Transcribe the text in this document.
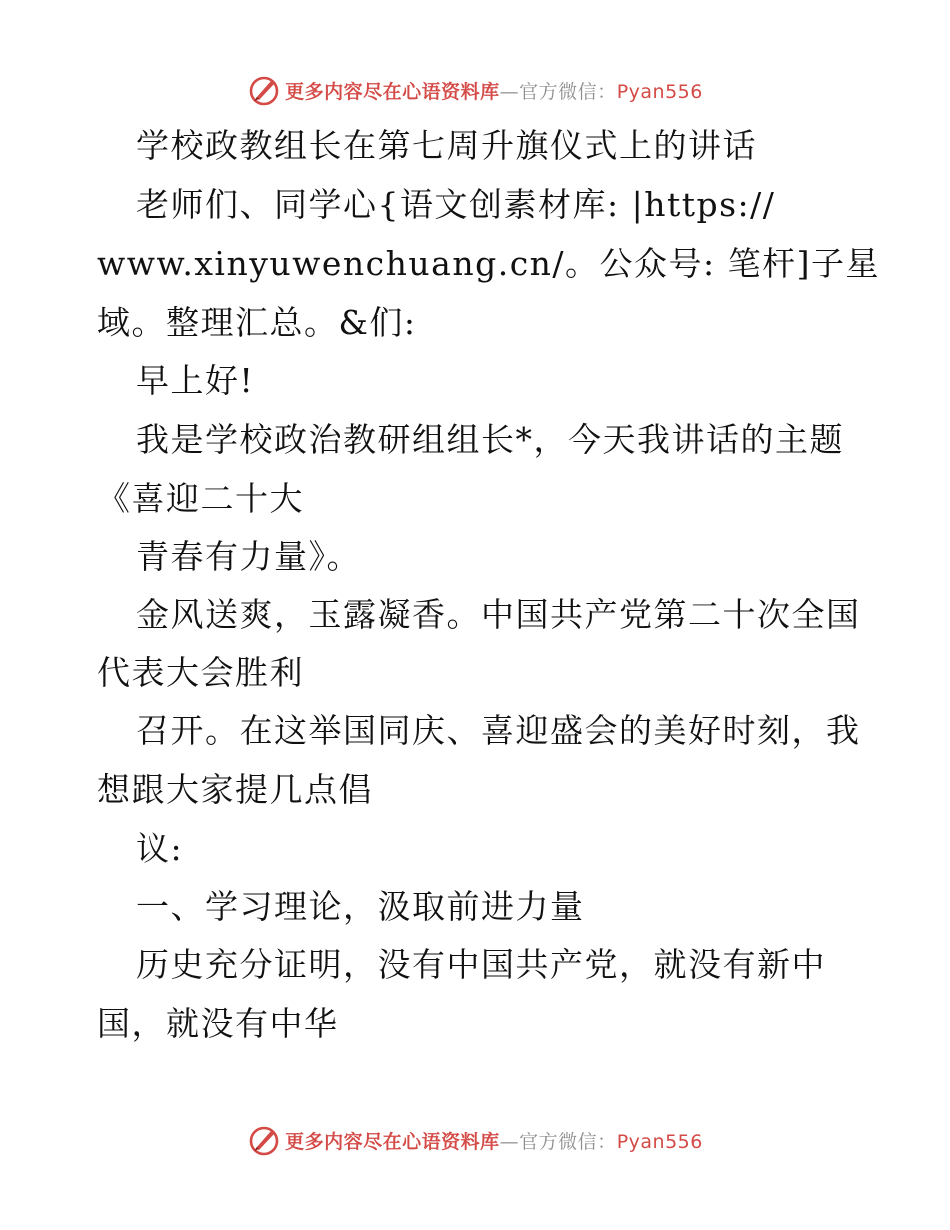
更多内容尽在心语资料库—官方微信：Pyan556
学校政教组长在第七周升旗仪式上的讲话
老师们、同学心{语文创素材库: |https://
www.xinyuwenchuang.cn/。公众号: 笔杆]子星
域。整理汇总。&们:
早上好!
我是学校政治教研组组长*，今天我讲话的主题
《喜迎二十大
青春有力量》。
金风送爽，玉露凝香。中国共产党第二十次全国
代表大会胜利
召开。在这举国同庆、喜迎盛会的美好时刻，我
想跟大家提几点倡
议:
一、学习理论，汲取前进力量
历史充分证明，没有中国共产党，就没有新中
国，就没有中华
更多内容尽在心语资料库—官方微信：Pyan556
